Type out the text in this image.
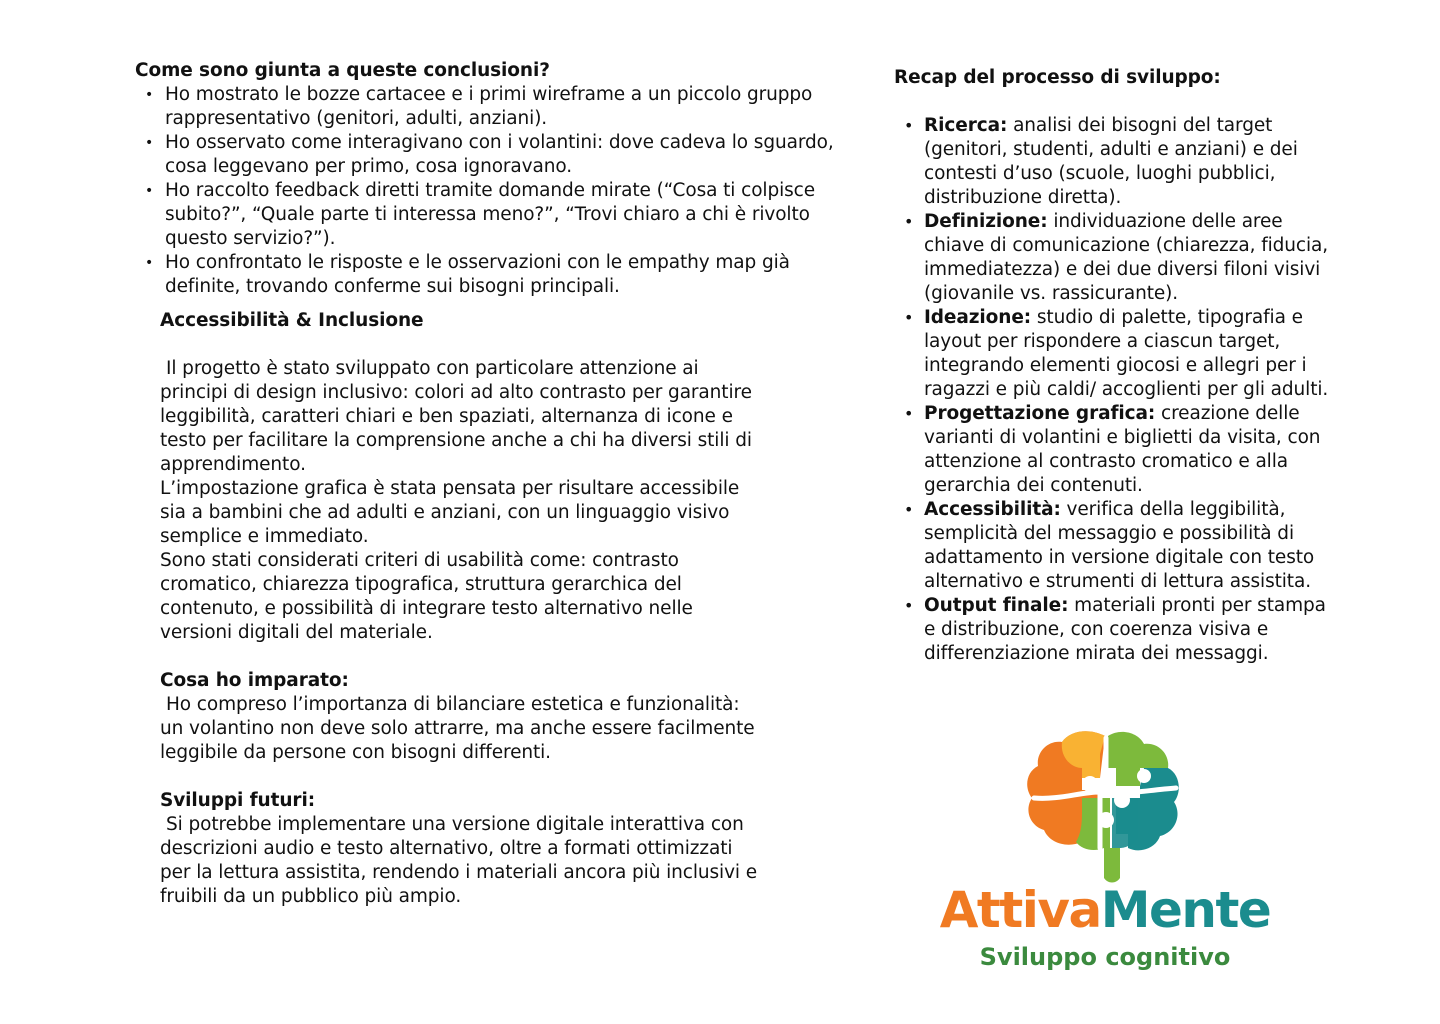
Come sono giunta a queste conclusioni?

• Ho mostrato le bozze cartacee e i primi wireframe a un piccolo gruppo rappresentativo (genitori, adulti, anziani).
• Ho osservato come interagivano con i volantini: dove cadeva lo sguardo, cosa leggevano per primo, cosa ignoravano.
• Ho raccolto feedback diretti tramite domande mirate (“Cosa ti colpisce subito?”, “Quale parte ti interessa meno?”, “Trovi chiaro a chi è rivolto questo servizio?”).
• Ho confrontato le risposte e le osservazioni con le empathy map già definite, trovando conferme sui bisogni principali.

Accessibilità & Inclusione

Il progetto è stato sviluppato con particolare attenzione ai principi di design inclusivo: colori ad alto contrasto per garantire leggibilità, caratteri chiari e ben spaziati, alternanza di icone e testo per facilitare la comprensione anche a chi ha diversi stili di apprendimento.

L’impostazione grafica è stata pensata per risultare accessibile sia a bambini che ad adulti e anziani, con un linguaggio visivo semplice e immediato.

Sono stati considerati criteri di usabilità come: contrasto cromatico, chiarezza tipografica, struttura gerarchica del contenuto, e possibilità di integrare testo alternativo nelle versioni digitali del materiale.

Cosa ho imparato:

Ho compreso l’importanza di bilanciare estetica e funzionalità: un volantino non deve solo attrarre, ma anche essere facilmente leggibile da persone con bisogni differenti.

Sviluppi futuri:

Si potrebbe implementare una versione digitale interattiva con descrizioni audio e testo alternativo, oltre a formati ottimizzati per la lettura assistita, rendendo i materiali ancora più inclusivi e fruibili da un pubblico più ampio.

Recap del processo di sviluppo:

• Ricerca: analisi dei bisogni del target (genitori, studenti, adulti e anziani) e dei contesti d’uso (scuole, luoghi pubblici, distribuzione diretta).
• Definizione: individuazione delle aree chiave di comunicazione (chiarezza, fiducia, immediatezza) e dei due diversi filoni visivi (giovanile vs. rassicurante).
• Ideazione: studio di palette, tipografia e layout per rispondere a ciascun target, integrando elementi giocosi e allegri per i ragazzi e più caldi/ accoglienti per gli adulti.
• Progettazione grafica: creazione delle varianti di volantini e biglietti da visita, con attenzione al contrasto cromatico e alla gerarchia dei contenuti.
• Accessibilità: verifica della leggibilità, semplicità del messaggio e possibilità di adattamento in versione digitale con testo alternativo e strumenti di lettura assistita.
• Output finale: materiali pronti per stampa e distribuzione, con coerenza visiva e differenziazione mirata dei messaggi.
AttivaMente
Sviluppo cognitivo
